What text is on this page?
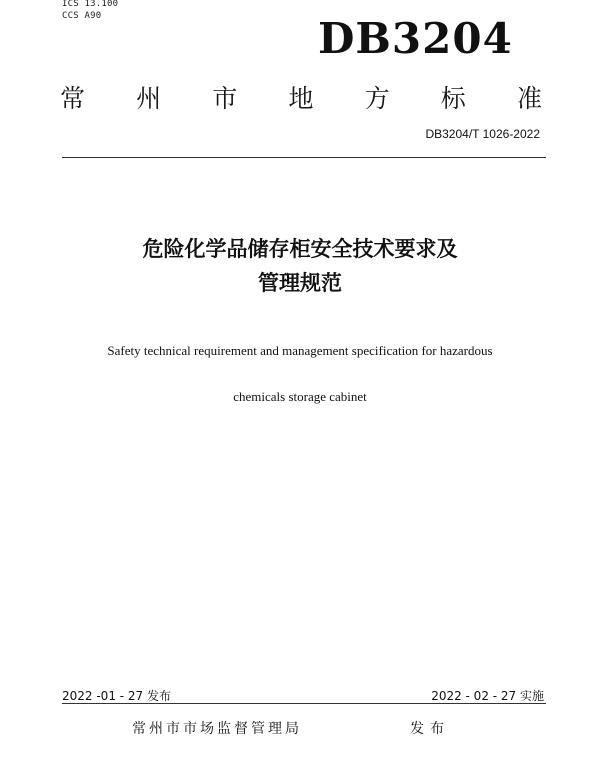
ICS 13.100
CCS A90	DB3204
常 州 市 地 方 标 准
DB3204/T 1026-2022
危险化学品储存柜安全技术要求及
管理规范
Safety technical requirement and management specification for hazardous
chemicals storage cabinet
2022 -01 - 27 发布	2022 - 02 - 27 实施
常州市市场监督管理局	发布
